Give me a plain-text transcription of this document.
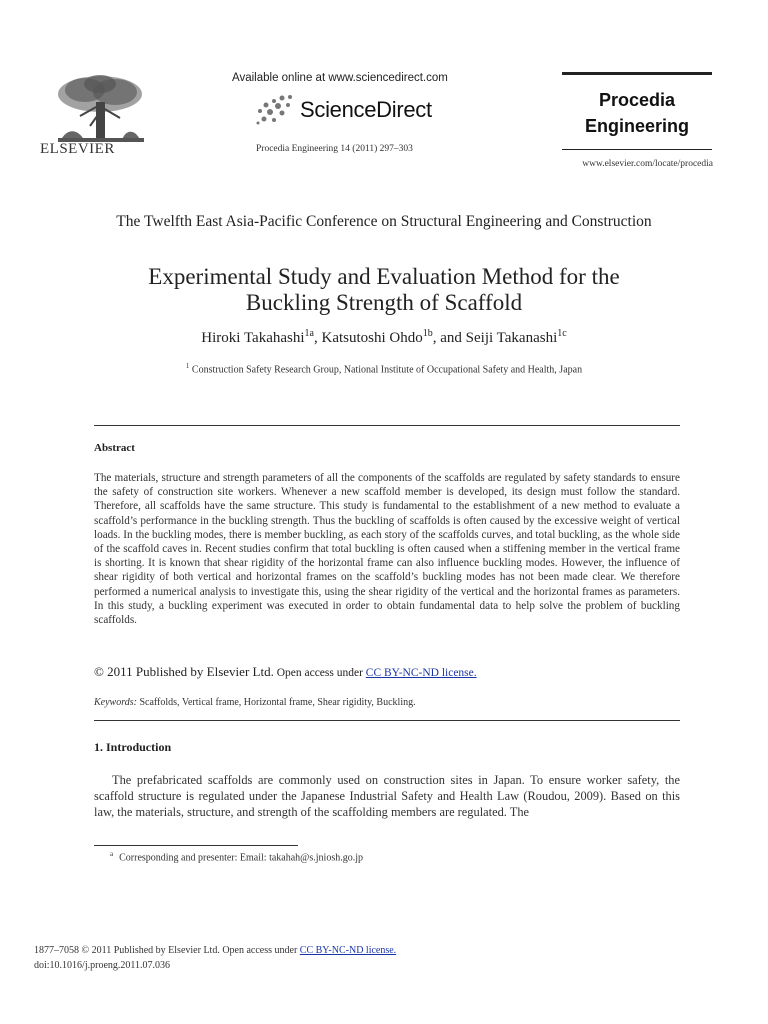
ELSEVIER
Available online at www.sciencedirect.com
ScienceDirect
Procedia Engineering 14 (2011) 297–303
Procedia
Engineering
www.elsevier.com/locate/procedia
The Twelfth East Asia-Pacific Conference on Structural Engineering and Construction
Experimental Study and Evaluation Method for the
Buckling Strength of Scaffold
Hiroki Takahashi$^{1a}$, Katsutoshi Ohdo$^{1b}$, and Seiji Takanashi$^{1c}$
$^1$ Construction Safety Research Group, National Institute of Occupational Safety and Health, Japan
Abstract
The materials, structure and strength parameters of all the components of the scaffolds are regulated by safety standards to ensure the safety of construction site workers. Whenever a new scaffold member is developed, its design must follow the standard. Therefore, all scaffolds have the same structure. This study is fundamental to the establishment of a new method to evaluate a scaffold’s performance in the buckling strength. Thus the buckling of scaffolds is often caused by the excessive weight of vertical loads. In the buckling modes, there is member buckling, as each story of the scaffolds curves, and total buckling, as the whole side of the scaffold caves in. Recent studies confirm that total buckling is often caused when a stiffening member in the vertical frame is shorting. It is known that shear rigidity of the horizontal frame can also influence buckling modes. However, the influence of shear rigidity of both vertical and horizontal frames on the scaffold’s buckling modes has not been made clear. We therefore performed a numerical analysis to investigate this, using the shear rigidity of the vertical and the horizontal frames as parameters. In this study, a buckling experiment was executed in order to obtain fundamental data to help solve the problem of buckling scaffolds.
© 2011 Published by Elsevier Ltd. Open access under CC BY-NC-ND license.
Keywords: Scaffolds, Vertical frame, Horizontal frame, Shear rigidity, Buckling.
1. Introduction
The prefabricated scaffolds are commonly used on construction sites in Japan. To ensure worker safety, the scaffold structure is regulated under the Japanese Industrial Safety and Health Law (Roudou, 2009). Based on this law, the materials, structure, and strength of the scaffolding members are regulated. The
$^a$ Corresponding and presenter: Email: takahah@s.jniosh.go.jp
1877–7058 © 2011 Published by Elsevier Ltd. Open access under CC BY-NC-ND license.
doi:10.1016/j.proeng.2011.07.036
